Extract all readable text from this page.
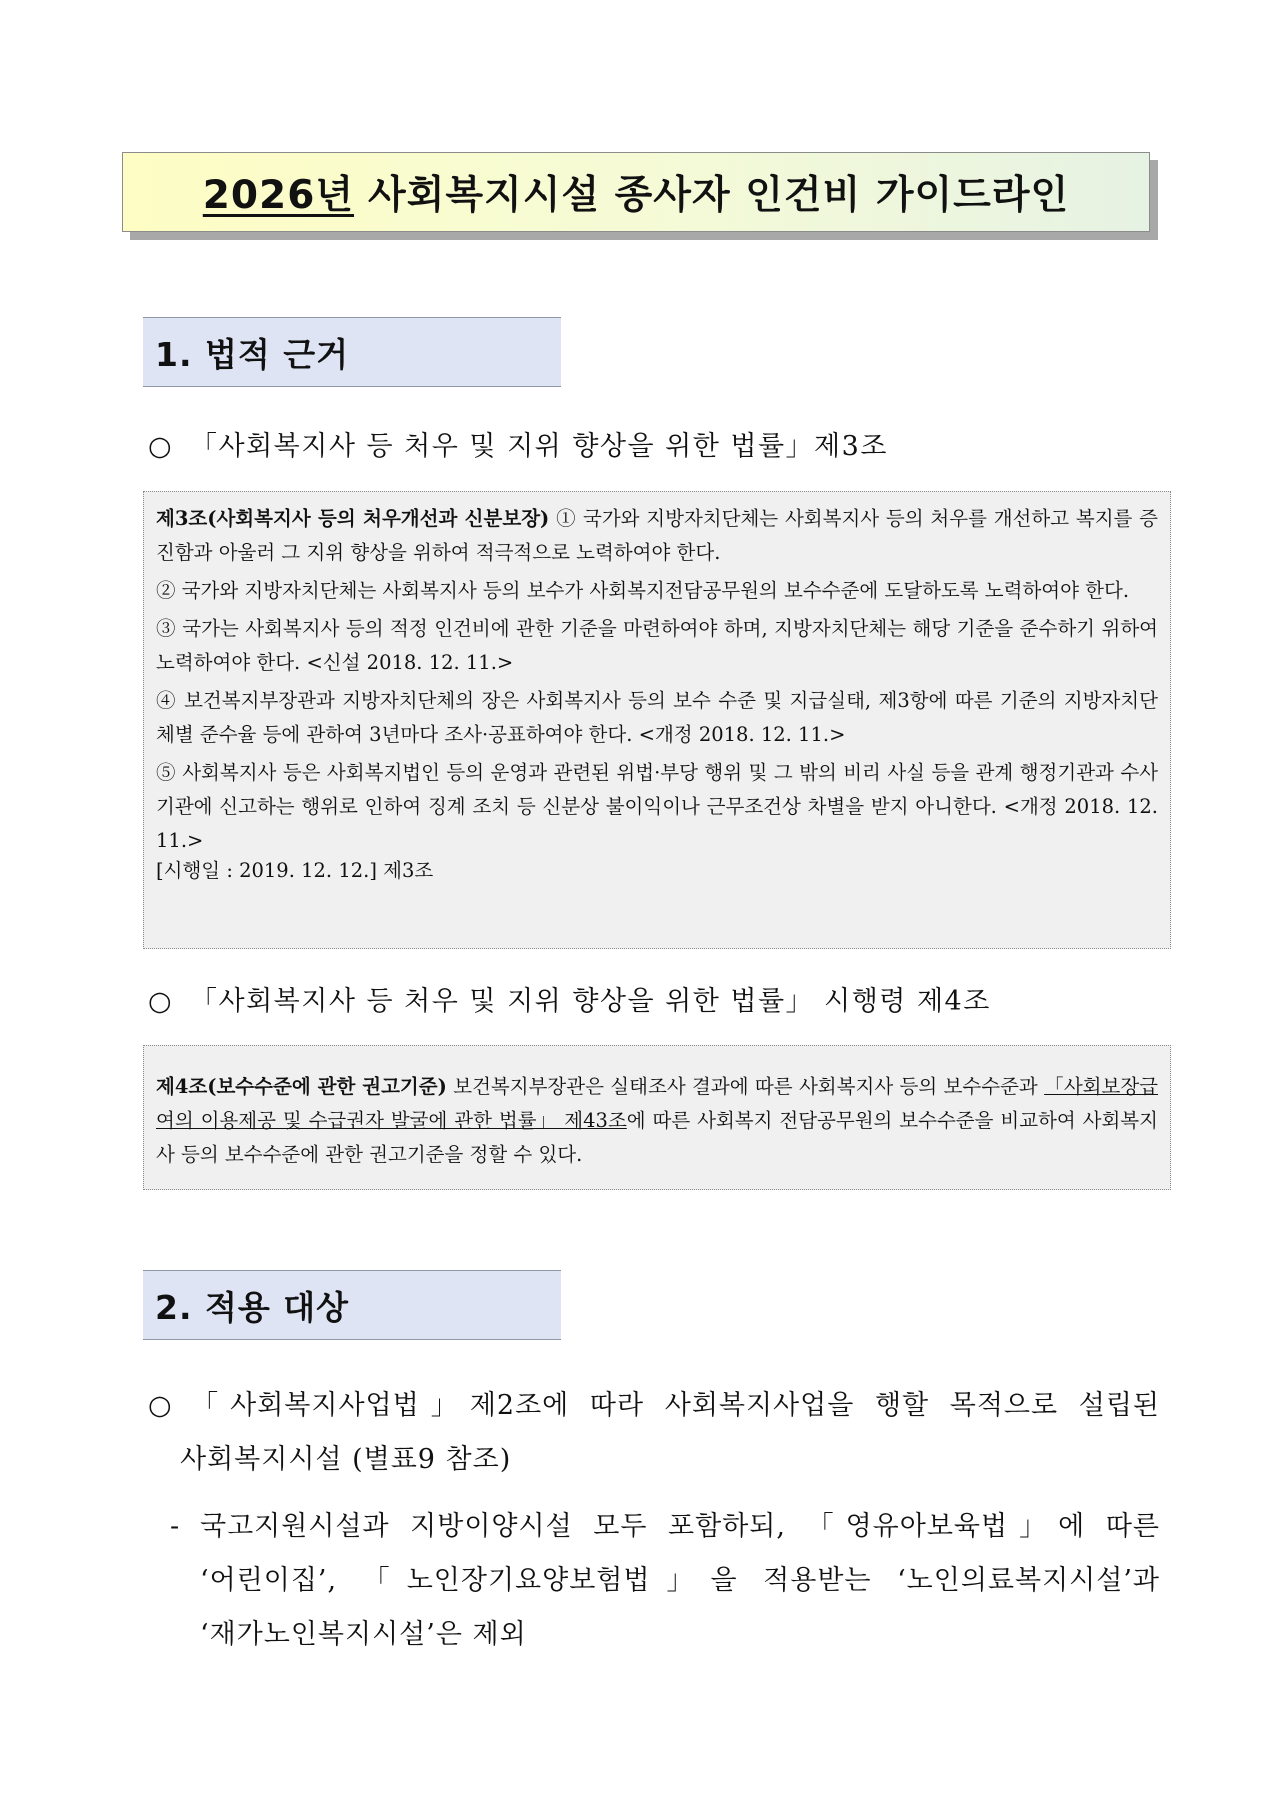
2026년 사회복지시설 종사자 인건비 가이드라인
1. 법적 근거
○ 「사회복지사 등 처우 및 지위 향상을 위한 법률」제3조

제3조(사회복지사 등의 처우개선과 신분보장) ① 국가와 지방자치단체는 사회복지사 등의 처우를 개선하고 복지를 증진함과 아울러 그 지위 향상을 위하여 적극적으로 노력하여야 한다.

② 국가와 지방자치단체는 사회복지사 등의 보수가 사회복지전담공무원의 보수수준에 도달하도록 노력하여야 한다.

③ 국가는 사회복지사 등의 적정 인건비에 관한 기준을 마련하여야 하며, 지방자치단체는 해당 기준을 준수하기 위하여 노력하여야 한다. <신설 2018. 12. 11.>

④ 보건복지부장관과 지방자치단체의 장은 사회복지사 등의 보수 수준 및 지급실태, 제3항에 따른 기준의 지방자치단체별 준수율 등에 관하여 3년마다 조사·공표하여야 한다. <개정 2018. 12. 11.>

⑤ 사회복지사 등은 사회복지법인 등의 운영과 관련된 위법·부당 행위 및 그 밖의 비리 사실 등을 관계 행정기관과 수사기관에 신고하는 행위로 인하여 징계 조치 등 신분상 불이익이나 근무조건상 차별을 받지 아니한다. <개정 2018. 12. 11.>

[시행일 : 2019. 12. 12.] 제3조

○ 「사회복지사 등 처우 및 지위 향상을 위한 법률」 시행령 제4조

제4조(보수수준에 관한 권고기준) 보건복지부장관은 실태조사 결과에 따른 사회복지사 등의 보수수준과 「사회보장급여의 이용제공 및 수급권자 발굴에 관한 법률」 제43조에 따른 사회복지 전담공무원의 보수수준을 비교하여 사회복지사 등의 보수수준에 관한 권고기준을 정할 수 있다.

2. 적용 대상
○ 「사회복지사업법」제2조에 따라 사회복지사업을 행할 목적으로 설립된
사회복지시설 (별표9 참조)
- 국고지원시설과 지방이양시설 모두 포함하되, 「영유아보육법」에 따른
‘어린이집’, 「노인장기요양보험법」을 적용받는 ‘노인의료복지시설’과
‘재가노인복지시설’은 제외
